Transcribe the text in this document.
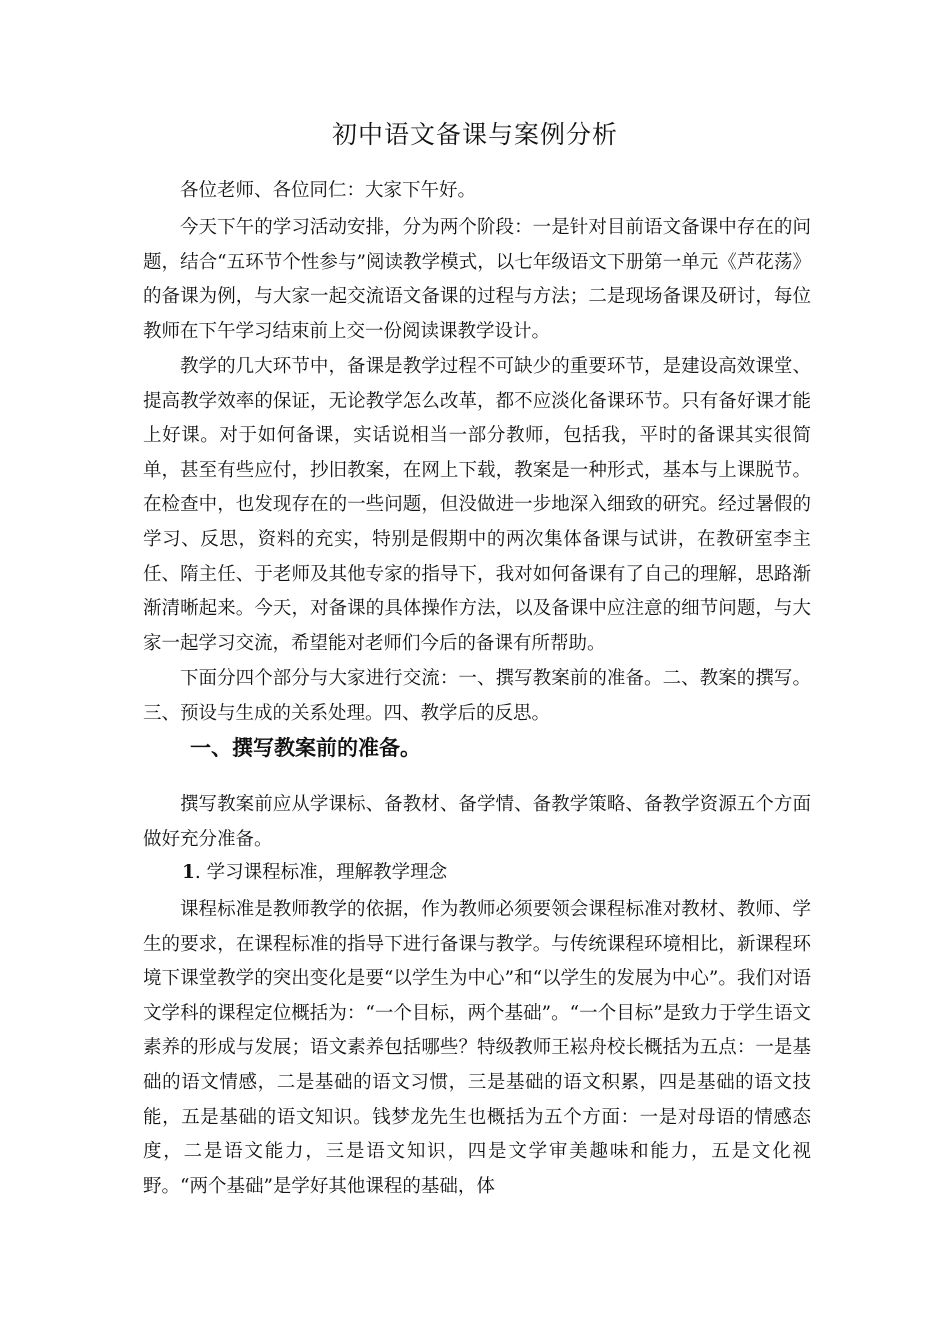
初中语文备课与案例分析

各位老师、各位同仁：大家下午好。

今天下午的学习活动安排，分为两个阶段：一是针对目前语文备课中存在的问题，结合“五环节个性参与”阅读教学模式，以七年级语文下册第一单元《芦花荡》的备课为例，与大家一起交流语文备课的过程与方法；二是现场备课及研讨，每位教师在下午学习结束前上交一份阅读课教学设计。

教学的几大环节中，备课是教学过程不可缺少的重要环节，是建设高效课堂、提高教学效率的保证，无论教学怎么改革，都不应淡化备课环节。只有备好课才能上好课。对于如何备课，实话说相当一部分教师，包括我，平时的备课其实很简单，甚至有些应付，抄旧教案，在网上下载，教案是一种形式，基本与上课脱节。在检查中，也发现存在的一些问题，但没做进一步地深入细致的研究。经过暑假的学习、反思，资料的充实，特别是假期中的两次集体备课与试讲，在教研室李主任、隋主任、于老师及其他专家的指导下，我对如何备课有了自己的理解，思路渐渐清晰起来。今天，对备课的具体操作方法，以及备课中应注意的细节问题，与大家一起学习交流，希望能对老师们今后的备课有所帮助。

下面分四个部分与大家进行交流：一、撰写教案前的准备。二、教案的撰写。三、预设与生成的关系处理。四、教学后的反思。

一、撰写教案前的准备。

撰写教案前应从学课标、备教材、备学情、备教学策略、备教学资源五个方面做好充分准备。

1. 学习课程标准，理解教学理念

课程标准是教师教学的依据，作为教师必须要领会课程标准对教材、教师、学生的要求，在课程标准的指导下进行备课与教学。与传统课程环境相比，新课程环境下课堂教学的突出变化是要“以学生为中心”和“以学生的发展为中心”。我们对语文学科的课程定位概括为：“一个目标，两个基础”。“一个目标”是致力于学生语文素养的形成与发展；语文素养包括哪些？特级教师王崧舟校长概括为五点：一是基础的语文情感，二是基础的语文习惯，三是基础的语文积累，四是基础的语文技能，五是基础的语文知识。钱梦龙先生也概括为五个方面：一是对母语的情感态度，二是语文能力，三是语文知识，四是文学审美趣味和能力，五是文化视野。“两个基础”是学好其他课程的基础，体
